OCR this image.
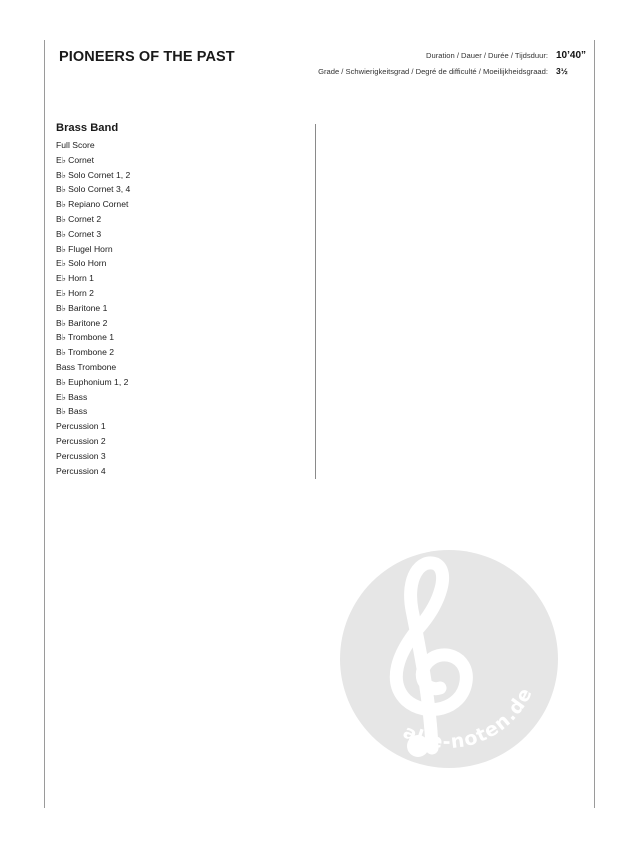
PIONEERS OF THE PAST	Duration / Dauer / Durée / Tijdsduur: 10’40”
Grade / Schwierigkeitsgrad / Degré de difficulté / Moeilijkheidsgraad: 3½
Brass Band
Full Score
E♭ Cornet
B♭ Solo Cornet 1, 2
B♭ Solo Cornet 3, 4
B♭ Repiano Cornet
B♭ Cornet 2
B♭ Cornet 3
B♭ Flugel Horn
E♭ Solo Horn
E♭ Horn 1
E♭ Horn 2
B♭ Baritone 1
B♭ Baritone 2
B♭ Trombone 1
B♭ Trombone 2
Bass Trombone
B♭ Euphonium 1, 2
E♭ Bass
B♭ Bass
Percussion 1
Percussion 2
Percussion 3
Percussion 4
alle-noten.de
